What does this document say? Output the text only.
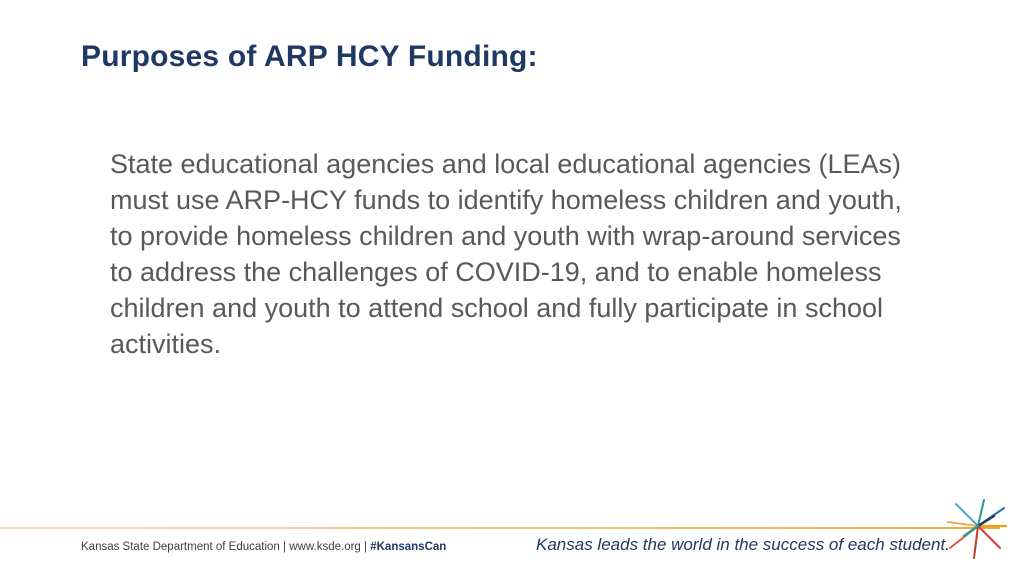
Purposes of ARP HCY Funding:
State educational agencies and local educational agencies (LEAs) must use ARP-HCY funds to identify homeless children and youth, to provide homeless children and youth with wrap-around services to address the challenges of COVID-19, and to enable homeless children and youth to attend school and fully participate in school activities.
Kansas State Department of Education | www.ksde.org | #KansansCan	Kansas leads the world in the success of each student.
